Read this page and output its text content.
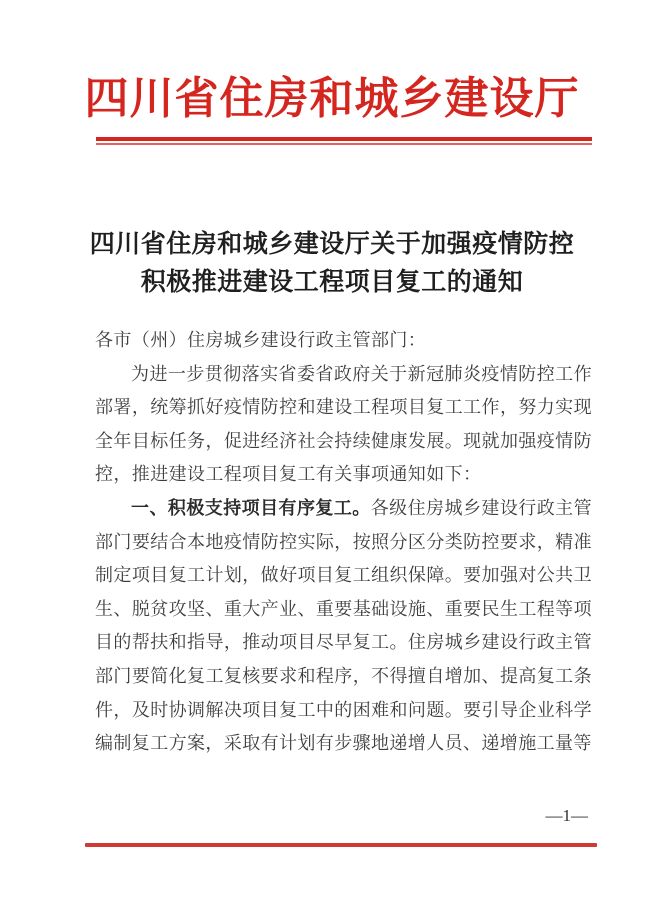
四川省住房和城乡建设厅
四川省住房和城乡建设厅关于加强疫情防控
积极推进建设工程项目复工的通知

各市（州）住房城乡建设行政主管部门：

为进一步贯彻落实省委省政府关于新冠肺炎疫情防控工作部署，统筹抓好疫情防控和建设工程项目复工工作，努力实现全年目标任务，促进经济社会持续健康发展。现就加强疫情防控，推进建设工程项目复工有关事项通知如下：

一、积极支持项目有序复工。各级住房城乡建设行政主管部门要结合本地疫情防控实际，按照分区分类防控要求，精准制定项目复工计划，做好项目复工组织保障。要加强对公共卫生、脱贫攻坚、重大产业、重要基础设施、重要民生工程等项目的帮扶和指导，推动项目尽早复工。住房城乡建设行政主管部门要简化复工复核要求和程序，不得擅自增加、提高复工条件，及时协调解决项目复工中的困难和问题。要引导企业科学编制复工方案，采取有计划有步骤地递增人员、递增施工量等

—1—
